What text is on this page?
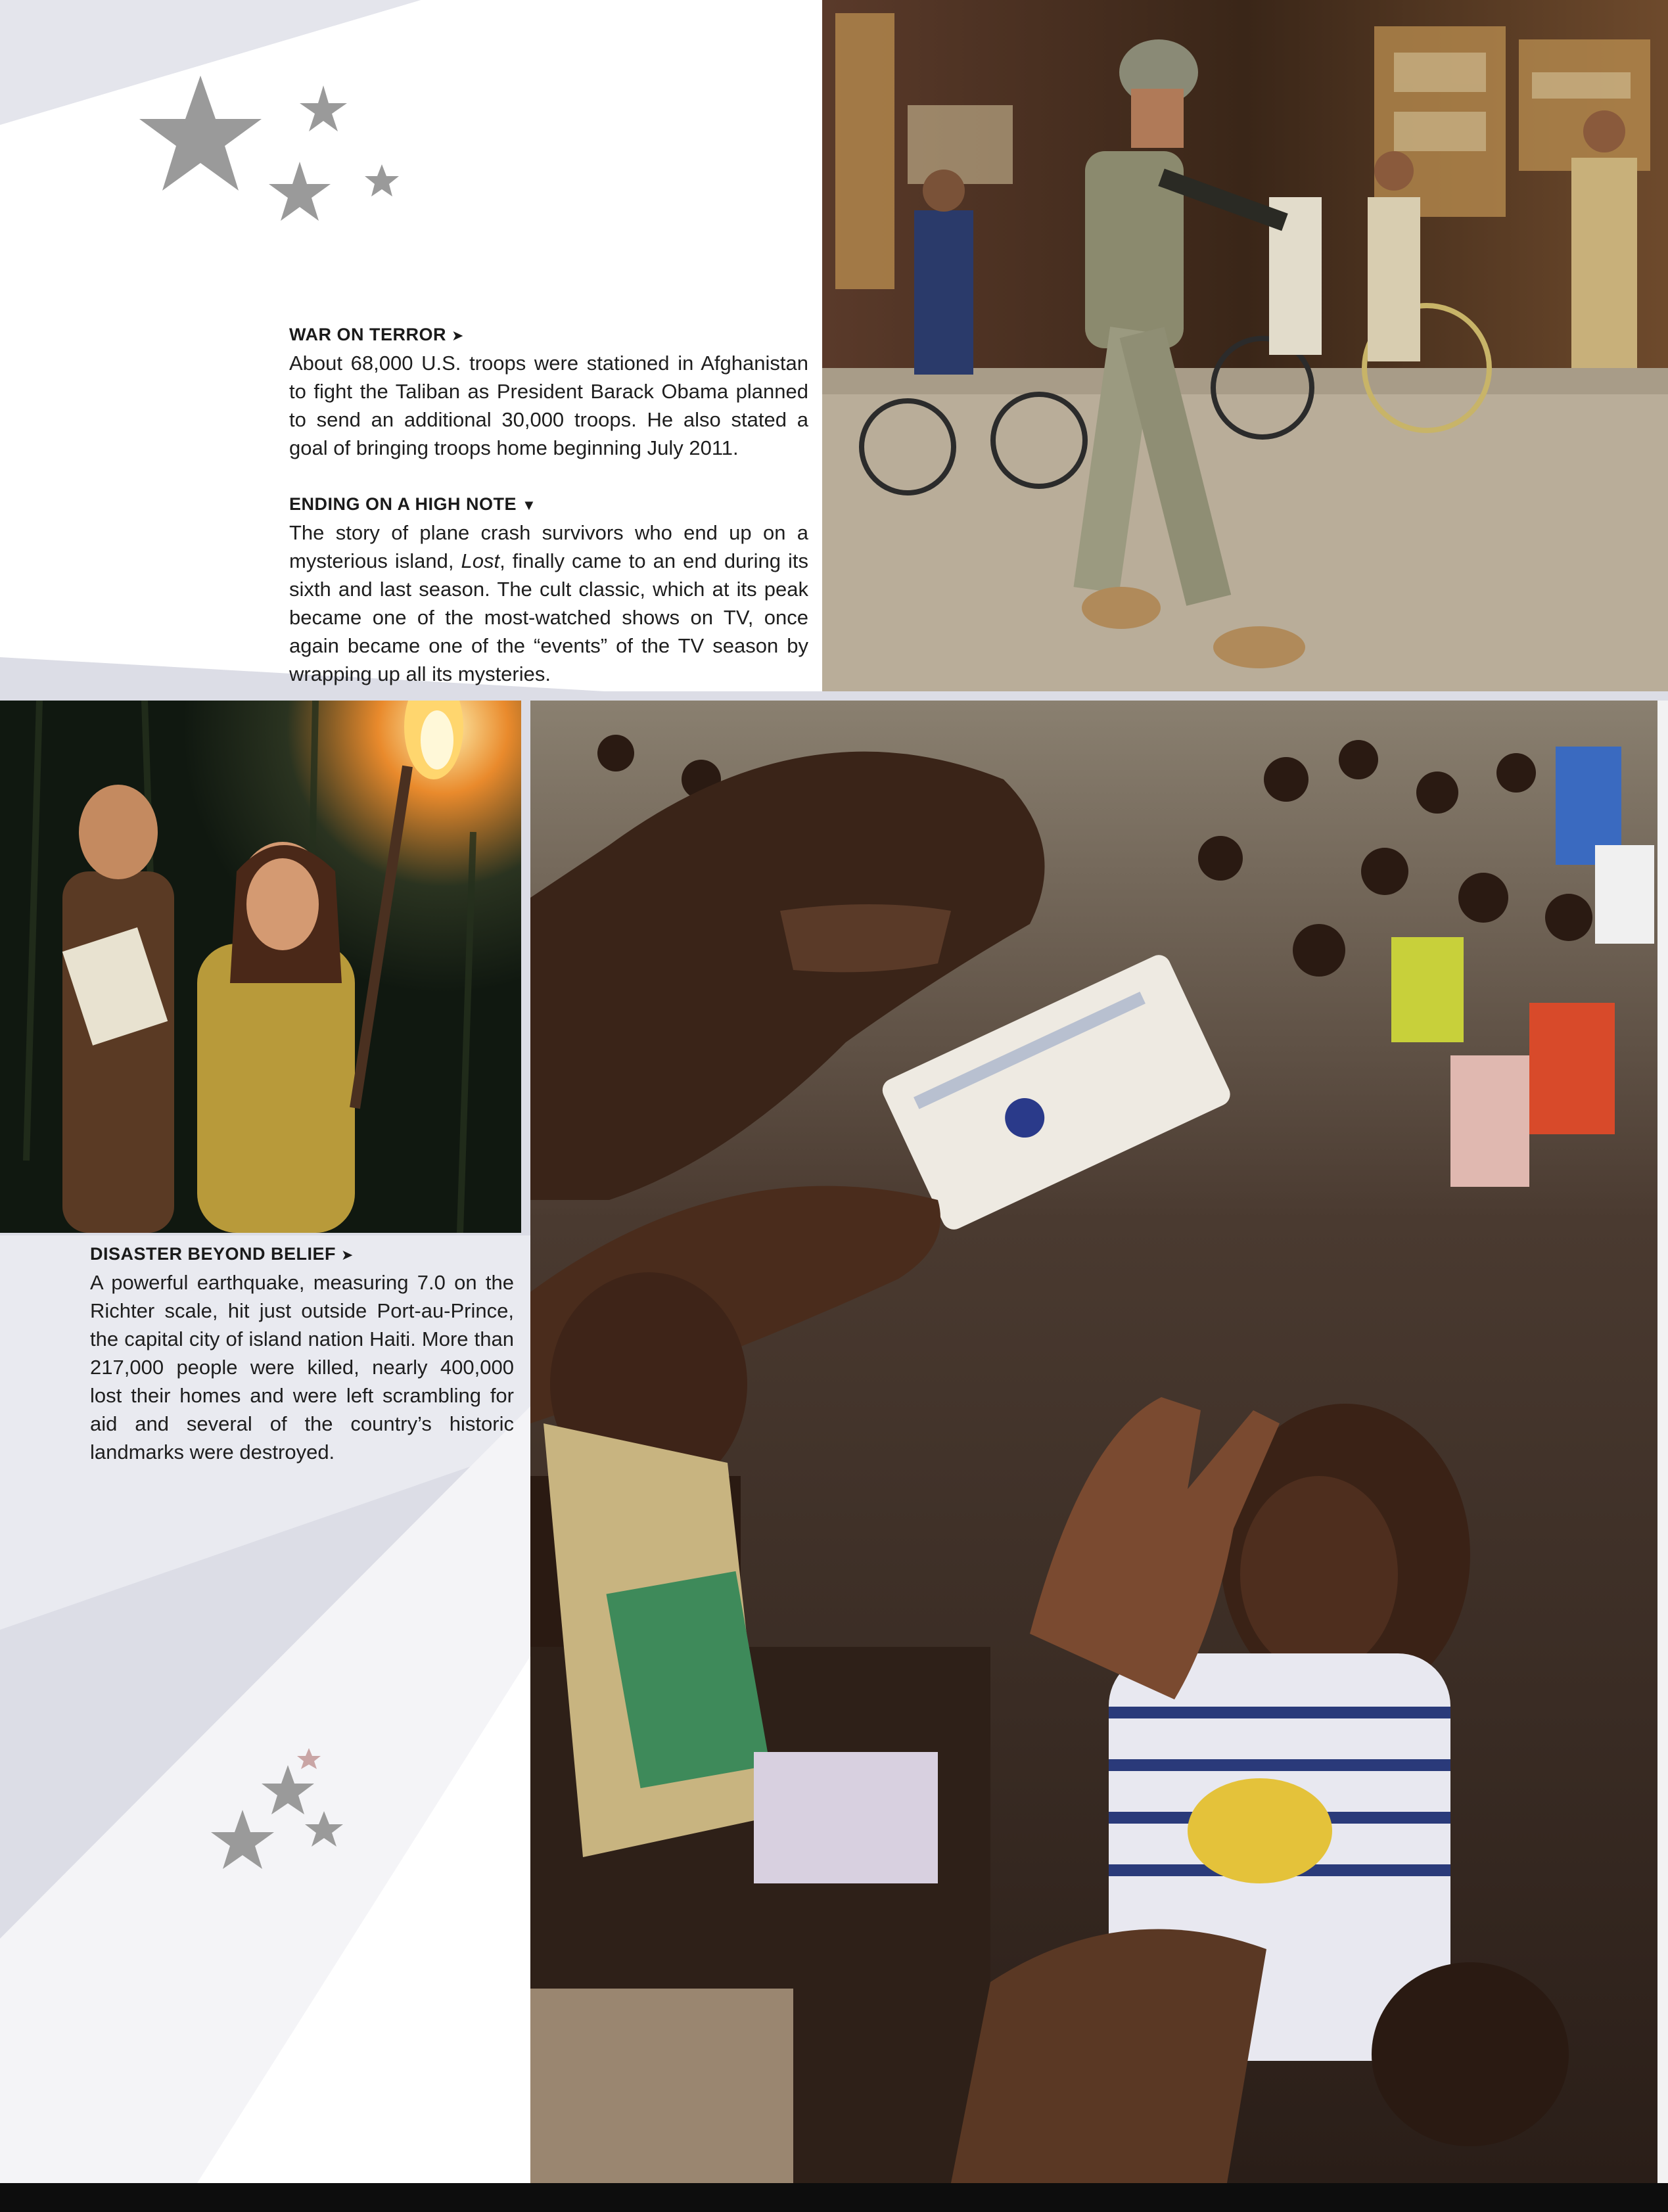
WAR ON TERROR ➤

About 68,000 U.S. troops were stationed in Afghanistan to fight the Taliban as President Barack Obama planned to send an additional 30,000 troops. He also stated a goal of bringing troops home beginning July 2011.

ENDING ON A HIGH NOTE ▼

The story of plane crash survivors who end up on a mysterious island, Lost, finally came to an end during its sixth and last season. The cult classic, which at its peak became one of the most-watched shows on TV, once again became one of the “events” of the TV season by wrapping up all its mysteries.

DISASTER BEYOND BELIEF ➤

A powerful earthquake, measuring 7.0 on the Richter scale, hit just outside Port-au-Prince, the capital city of island nation Haiti. More than 217,000 people were killed, nearly 400,000 lost their homes and were left scrambling for aid and several of the country’s historic landmarks were destroyed.
